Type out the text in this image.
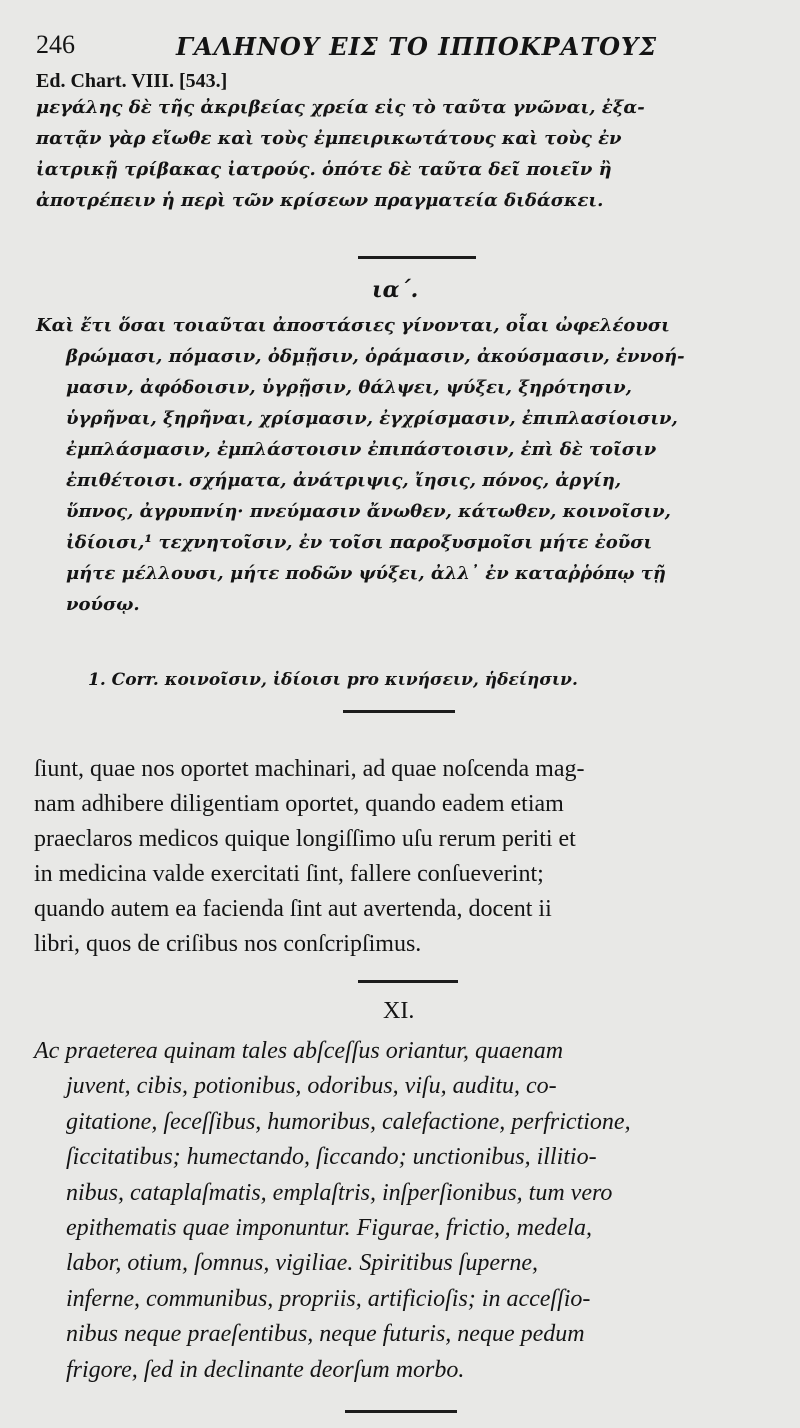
246	ΓΑΛΗΝΟΥ ΕΙΣ ΤΟ ΙΠΠΟΚΡΑΤΟΥΣ
Ed. Chart. VIII. [543.]
μεγάλης δὲ τῆς ἀκριβείας χρεία εἰς τὸ ταῦτα γνῶναι, ἐξα-
πατᾷν γὰρ εἴωθε καὶ τοὺς ἐμπειρικωτάτους καὶ τοὺς ἐν
ἰατρικῇ τρίβακας ἰατρούς. ὁπότε δὲ ταῦτα δεῖ ποιεῖν ἢ
ἀποτρέπειν ἡ περὶ τῶν κρίσεων πραγματεία διδάσκει.
ια΄.
Καὶ ἔτι ὅσαι τοιαῦται ἀποστάσιες γίνονται, οἷαι ὠφελέουσι
βρώμασι, πόμασιν, ὀδμῇσιν, ὁράμασιν, ἀκούσμασιν, ἐννοή-
μασιν, ἀφόδοισιν, ὑγρῇσιν, θάλψει, ψύξει, ξηρότησιν,
ὑγρῆναι, ξηρῆναι, χρίσμασιν, ἐγχρίσμασιν, ἐπιπλασίοισιν,
ἐμπλάσμασιν, ἐμπλάστοισιν ἐπιπάστοισιν, ἐπὶ δὲ τοῖσιν
ἐπιθέτοισι. σχήματα, ἀνάτριψις, ἴησις, πόνος, ἀργίη,
ὕπνος, ἀγρυπνίη· πνεύμασιν ἄνωθεν, κάτωθεν, κοινοῖσιν,
ἰδίοισι,¹ τεχνητοῖσιν, ἐν τοῖσι παροξυσμοῖσι μήτε ἐοῦσι
μήτε μέλλουσι, μήτε ποδῶν ψύξει, ἀλλ᾽ ἐν καταῤῥόπῳ τῇ
νούσῳ.
1. Corr. κοινοῖσιν, ἰδίοισι pro κινήσειν, ἡδείησιν.
ſiunt, quae nos oportet machinari, ad quae noſcenda mag-
nam adhibere diligentiam oportet, quando eadem etiam
praeclaros medicos quique longiſſimo uſu rerum periti et
in medicina valde exercitati ſint, fallere conſueverint;
quando autem ea facienda ſint aut avertenda, docent ii
libri, quos de criſibus nos conſcripſimus.
XI.
Ac praeterea quinam tales abſceſſus oriantur, quaenam
juvent, cibis, potionibus, odoribus, viſu, auditu, co-
gitatione, ſeceſſibus, humoribus, calefactione, perfrictione,
ſiccitatibus; humectando, ſiccando; unctionibus, illitio-
nibus, cataplaſmatis, emplaſtris, inſperſionibus, tum vero
epithematis quae imponuntur. Figurae, frictio, medela,
labor, otium, ſomnus, vigiliae. Spiritibus ſuperne,
inferne, communibus, propriis, artificioſis; in acceſſio-
nibus neque praeſentibus, neque futuris, neque pedum
frigore, ſed in declinante deorſum morbo.
